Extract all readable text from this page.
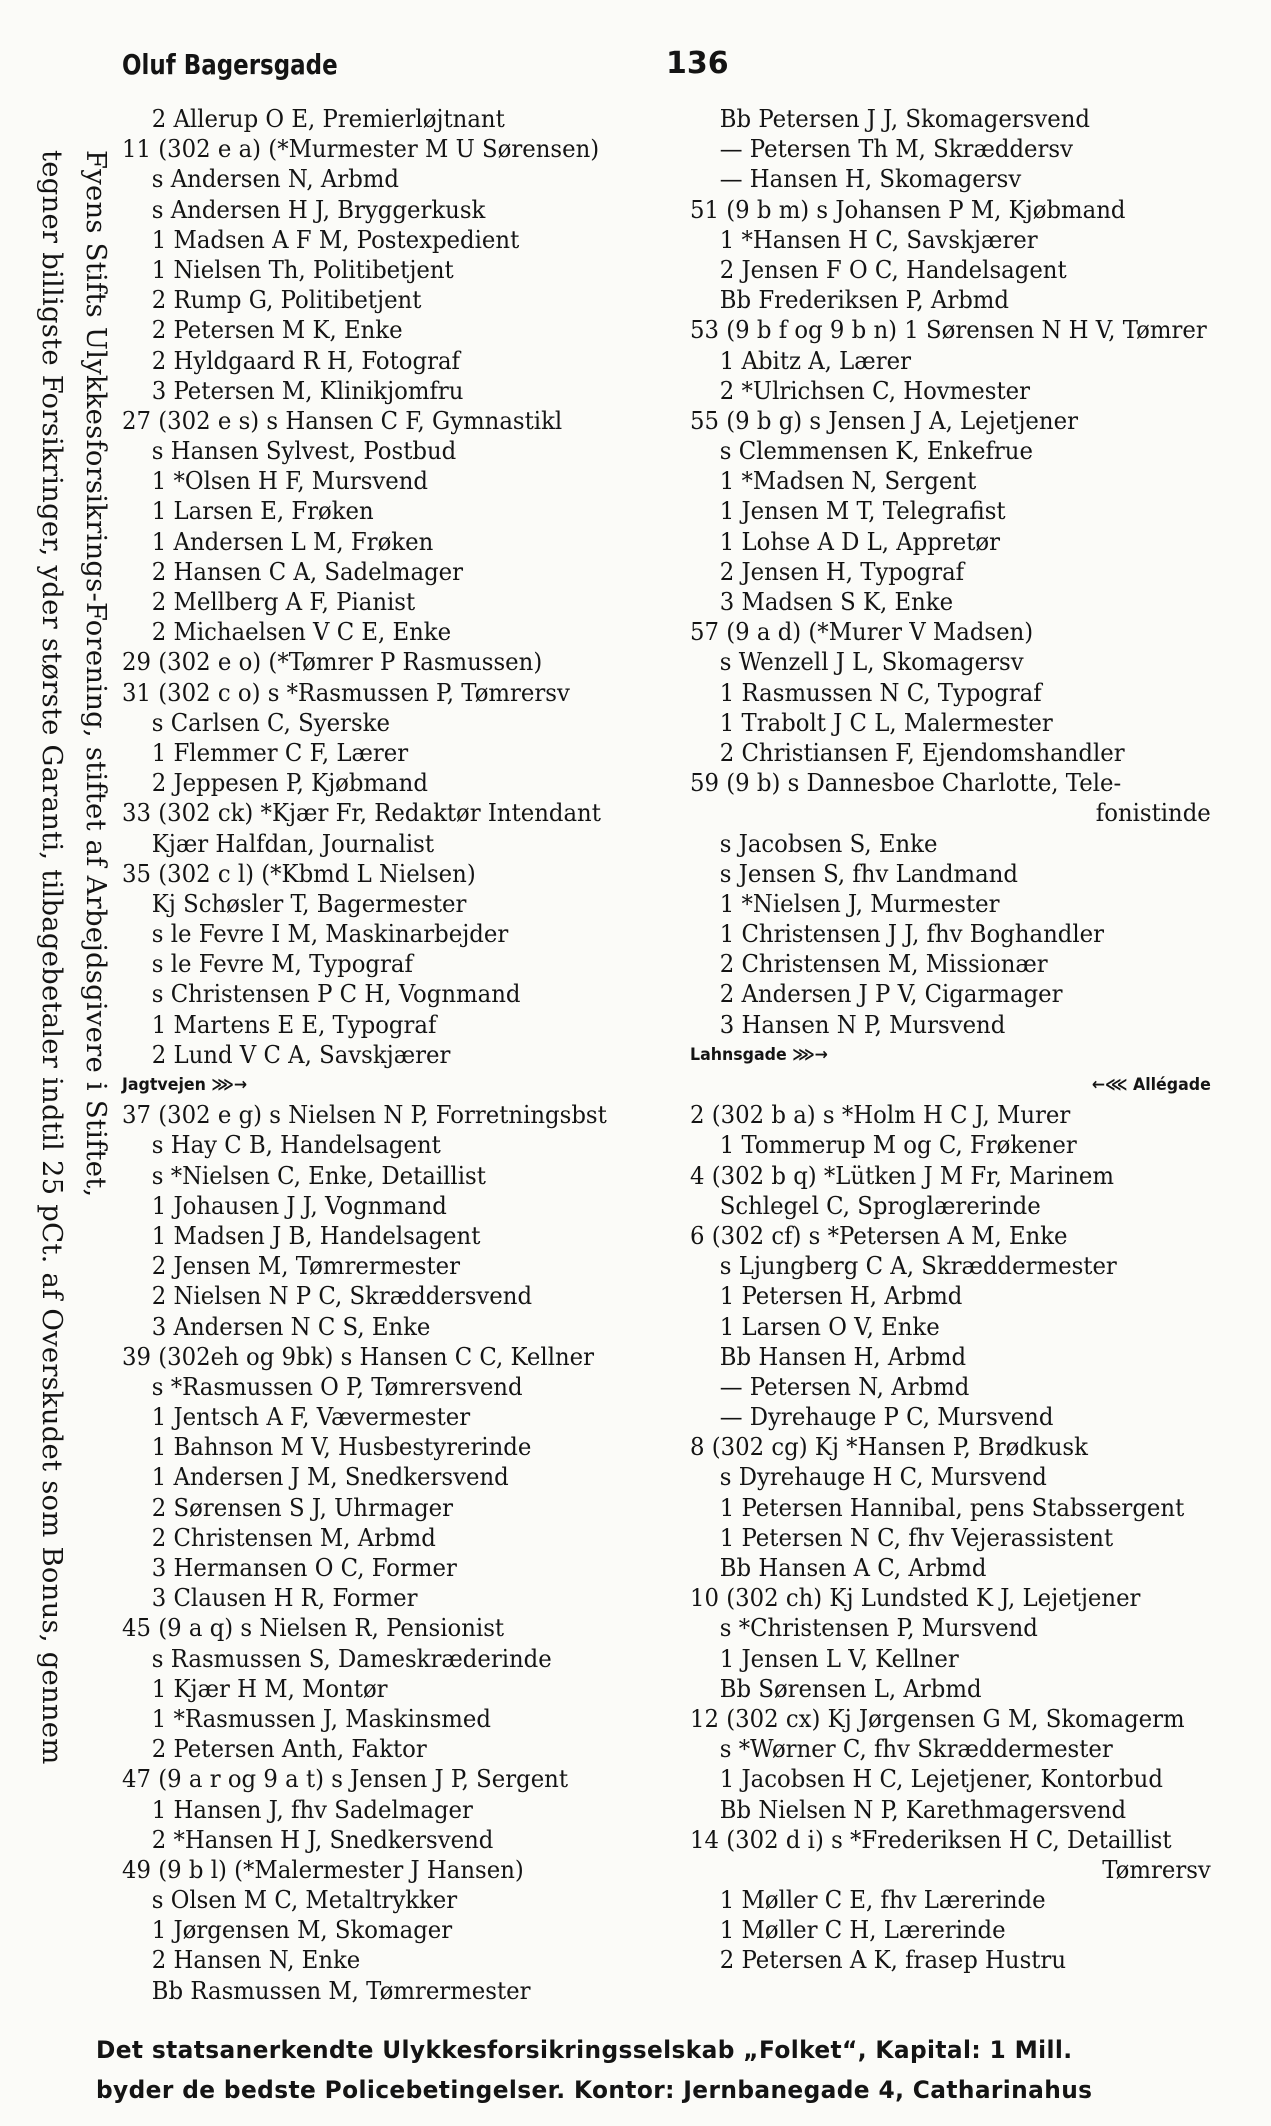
Oluf Bagersgade	136
Fyens Stifts Ulykkesforsikrings-Forening, stiftet af Arbejdsgivere i Stiftet,
tegner billigste Forsikringer, yder største Garanti, tilbagebetaler indtil 25 pCt. af Overskudet som Bonus, gennem
2 Allerup O E, Premierløjtnant
11 (302 e a) (*Murmester M U Sørensen)
s Andersen N, Arbmd
s Andersen H J, Bryggerkusk
1 Madsen A F M, Postexpedient
1 Nielsen Th, Politibetjent
2 Rump G, Politibetjent
2 Petersen M K, Enke
2 Hyldgaard R H, Fotograf
3 Petersen M, Klinikjomfru
27 (302 e s) s Hansen C F, Gymnastikl
s Hansen Sylvest, Postbud
1 *Olsen H F, Mursvend
1 Larsen E, Frøken
1 Andersen L M, Frøken
2 Hansen C A, Sadelmager
2 Mellberg A F, Pianist
2 Michaelsen V C E, Enke
29 (302 e o) (*Tømrer P Rasmussen)
31 (302 c o) s *Rasmussen P, Tømrersv
s Carlsen C, Syerske
1 Flemmer C F, Lærer
2 Jeppesen P, Kjøbmand
33 (302 ck) *Kjær Fr, Redaktør Intendant
Kjær Halfdan, Journalist
35 (302 c l) (*Kbmd L Nielsen)
Kj Schøsler T, Bagermester
s le Fevre I M, Maskinarbejder
s le Fevre M, Typograf
s Christensen P C H, Vognmand
1 Martens E E, Typograf
2 Lund V C A, Savskjærer
Jagtvejen ⋙→
37 (302 e g) s Nielsen N P, Forretningsbst
s Hay C B, Handelsagent
s *Nielsen C, Enke, Detaillist
1 Johausen J J, Vognmand
1 Madsen J B, Handelsagent
2 Jensen M, Tømrermester
2 Nielsen N P C, Skræddersvend
3 Andersen N C S, Enke
39 (302eh og 9bk) s Hansen C C, Kellner
s *Rasmussen O P, Tømrersvend
1 Jentsch A F, Vævermester
1 Bahnson M V, Husbestyrerinde
1 Andersen J M, Snedkersvend
2 Sørensen S J, Uhrmager
2 Christensen M, Arbmd
3 Hermansen O C, Former
3 Clausen H R, Former
45 (9 a q) s Nielsen R, Pensionist
s Rasmussen S, Dameskræderinde
1 Kjær H M, Montør
1 *Rasmussen J, Maskinsmed
2 Petersen Anth, Faktor
47 (9 a r og 9 a t) s Jensen J P, Sergent
1 Hansen J, fhv Sadelmager
2 *Hansen H J, Snedkersvend
49 (9 b l) (*Malermester J Hansen)
s Olsen M C, Metaltrykker
1 Jørgensen M, Skomager
2 Hansen N, Enke
Bb Rasmussen M, Tømrermester
Bb Petersen J J, Skomagersvend
— Petersen Th M, Skræddersv
— Hansen H, Skomagersv
51 (9 b m) s Johansen P M, Kjøbmand
1 *Hansen H C, Savskjærer
2 Jensen F O C, Handelsagent
Bb Frederiksen P, Arbmd
53 (9 b f og 9 b n) 1 Sørensen N H V, Tømrer
1 Abitz A, Lærer
2 *Ulrichsen C, Hovmester
55 (9 b g) s Jensen J A, Lejetjener
s Clemmensen K, Enkefrue
1 *Madsen N, Sergent
1 Jensen M T, Telegrafist
1 Lohse A D L, Appretør
2 Jensen H, Typograf
3 Madsen S K, Enke
57 (9 a d) (*Murer V Madsen)
s Wenzell J L, Skomagersv
1 Rasmussen N C, Typograf
1 Trabolt J C L, Malermester
2 Christiansen F, Ejendomshandler
59 (9 b) s Dannesboe Charlotte, Tele-
fonistinde
s Jacobsen S, Enke
s Jensen S, fhv Landmand
1 *Nielsen J, Murmester
1 Christensen J J, fhv Boghandler
2 Christensen M, Missionær
2 Andersen J P V, Cigarmager
3 Hansen N P, Mursvend
Lahnsgade ⋙→
←⋘ Allégade
2 (302 b a) s *Holm H C J, Murer
1 Tommerup M og C, Frøkener
4 (302 b q) *Lütken J M Fr, Marinem
Schlegel C, Sproglærerinde
6 (302 cf) s *Petersen A M, Enke
s Ljungberg C A, Skræddermester
1 Petersen H, Arbmd
1 Larsen O V, Enke
Bb Hansen H, Arbmd
— Petersen N, Arbmd
— Dyrehauge P C, Mursvend
8 (302 cg) Kj *Hansen P, Brødkusk
s Dyrehauge H C, Mursvend
1 Petersen Hannibal, pens Stabssergent
1 Petersen N C, fhv Vejerassistent
Bb Hansen A C, Arbmd
10 (302 ch) Kj Lundsted K J, Lejetjener
s *Christensen P, Mursvend
1 Jensen L V, Kellner
Bb Sørensen L, Arbmd
12 (302 cx) Kj Jørgensen G M, Skomagerm
s *Wørner C, fhv Skræddermester
1 Jacobsen H C, Lejetjener, Kontorbud
Bb Nielsen N P, Karethmagersvend
14 (302 d i) s *Frederiksen H C, Detaillist
Tømrersv
1 Møller C E, fhv Lærerinde
1 Møller C H, Lærerinde
2 Petersen A K, frasep Hustru
Det statsanerkendte Ulykkesforsikringsselskab „Folket“, Kapital: 1 Mill.
byder de bedste Policebetingelser. Kontor: Jernbanegade 4, Catharinahus
